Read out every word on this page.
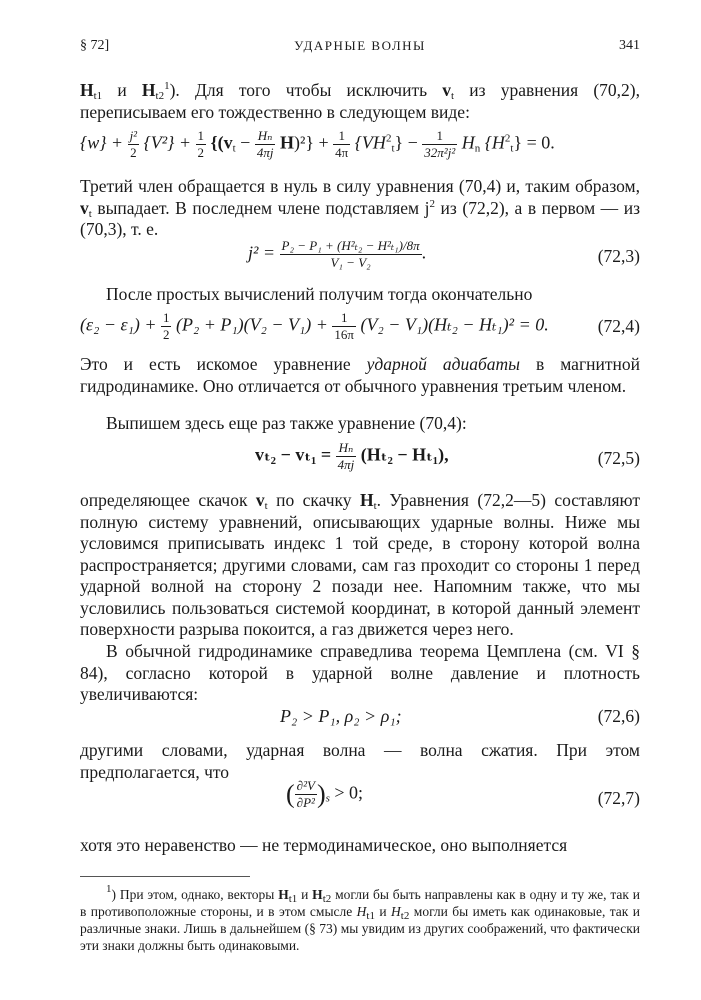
§ 72]	УДАРНЫЕ ВОЛНЫ	341
$H_{t1}$ и $H_{t2}^1$). Для того чтобы исключить $v_t$ из уравнения (70,2), переписываем его тождественно в следующем виде:
$\{w\} + \frac{\text{j²}}{2} \{V^2\} + \frac{1}{2} \{(v_t - \frac{\text{Hₙ}}{4\pi j} H)^2\} + \frac{1}{4\pi} \{VH^2_t\} - \frac{1}{\text{32π²j²}} H_n$ $\{H^2_t\} = 0$.
Третий член обращается в нуль в силу уравнения (70,4) и, таким образом, $v_t$ выпадает. В последнем члене подставляем $j^2$ из (72,2), а в первом — из (70,3), т. е.
$j^2 = \frac{\text{P₂ − P₁ + (H²ₜ₂ − H²ₜ₁)/8π}}{\text{V₁ − V₂}}$ .	(72,3)
После простых вычислений получим тогда окончательно
$(\varepsilon_2 - \varepsilon_1) + \frac{1}{2} (P_2 + P_1)(V_2 - V_1) + \frac{1}{16\pi} (V_2 - V_1)(H_{t2} - H_{t1})^2 = 0$.	(72,4)
Это и есть искомое уравнение ударной адиабаты в магнитной гидродинамике. Оно отличается от обычного уравнения третьим членом.
Выпишем здесь еще раз также уравнение (70,4):
$v_{t2} - v_{t1} = \frac{\text{Hₙ}}{4\pi j} (H_{t2} - H_{t1})$,	(72,5)
определяющее скачок $v_t$ по скачку $H_t$. Уравнения (72,2—5) составляют полную систему уравнений, описывающих ударные волны. Ниже мы условимся приписывать индекс 1 той среде, в сторону которой волна распространяется; другими словами, сам газ проходит со стороны 1 перед ударной волной на сторону 2 позади нее. Напомним также, что мы условились пользоваться системой координат, в которой данный элемент поверхности разрыва покоится, а газ движется через него.
В обычной гидродинамике справедлива теорема Цемплена (см. VI § 84), согласно которой в ударной волне давление и плотность увеличиваются:
P₂ > P₁, ρ₂ > ρ₁;	(72,6)
другими словами, ударная волна — волна сжатия. При этом предполагается, что
( $\frac{\text{∂²V}}{\text{∂P²}} )_s > 0$;	(72,7)
хотя это неравенство — не термодинамическое, оно выполняется
$^1$) При этом, однако, векторы $H_{t1}$ и $H_{t2}$ могли бы быть направлены как в одну и ту же, так и в противоположные стороны, и в этом смысле $H_{t1}$ и $H_{t2}$ могли бы иметь как одинаковые, так и различные знаки. Лишь в дальнейшем (§ 73) мы увидим из других соображений, что фактически эти знаки должны быть одинаковыми.
